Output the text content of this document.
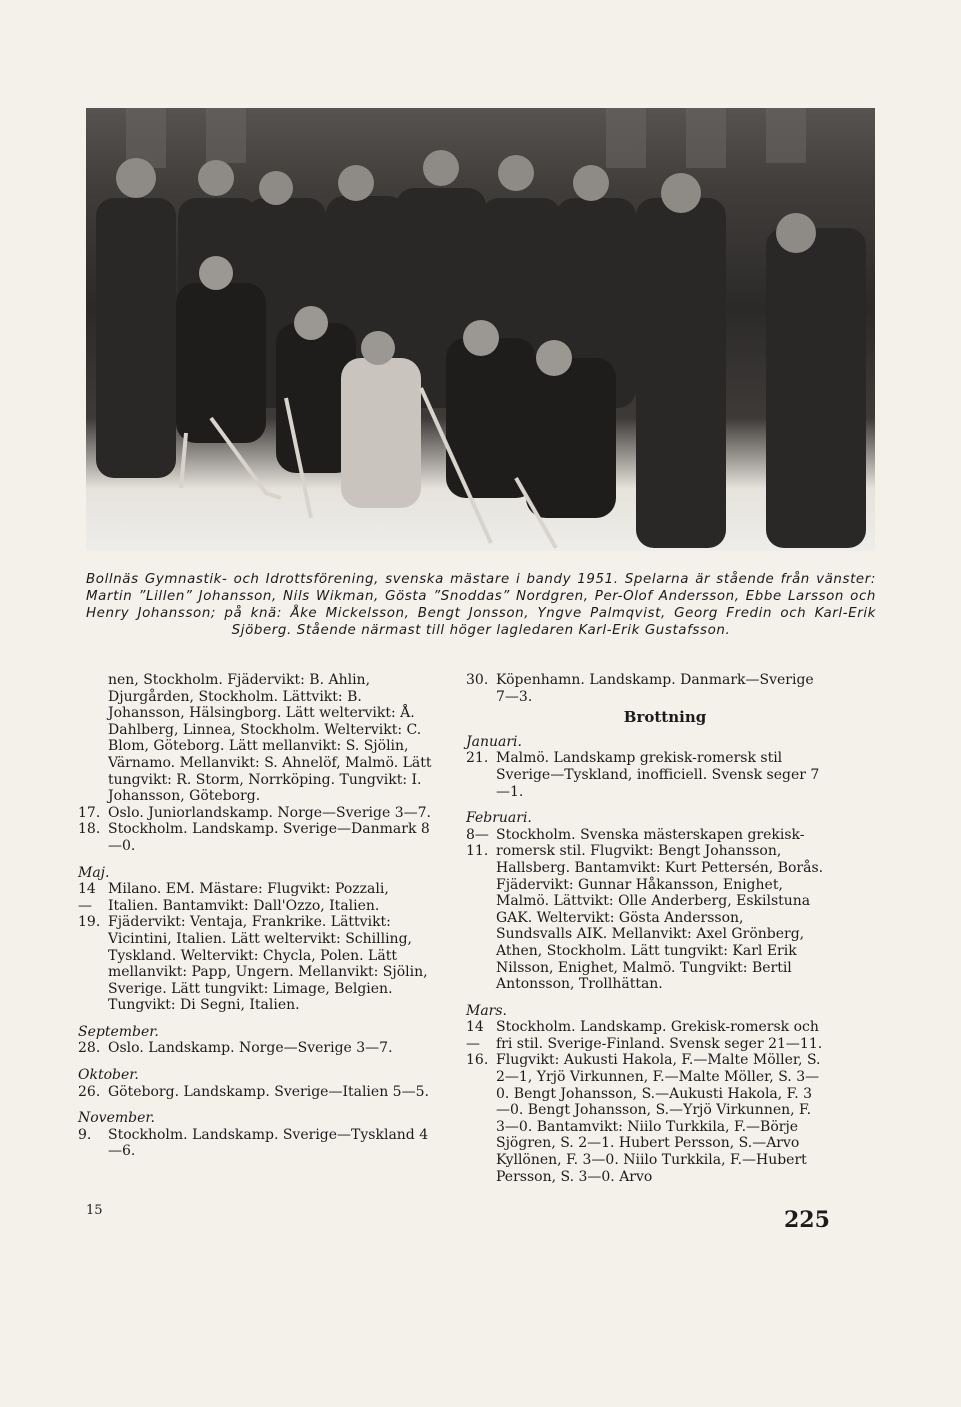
Bollnäs Gymnastik- och Idrottsförening, svenska mästare i bandy 1951. Spelarna är stående från vänster: Martin ”Lillen” Johansson, Nils Wikman, Gösta ”Snoddas” Nordgren, Per-Olof Andersson, Ebbe Larsson och Henry Johansson; på knä: Åke Mickelsson, Bengt Jonsson, Yngve Palmqvist, Georg Fredin och Karl-Erik Sjöberg. Stående närmast till höger lagledaren Karl-Erik Gustafsson.
nen, Stockholm. Fjädervikt: B. Ahlin, Djurgården, Stockholm. Lättvikt: B. Johansson, Hälsingborg. Lätt weltervikt: Å. Dahlberg, Linnea, Stockholm. Weltervikt: C. Blom, Göteborg. Lätt mellanvikt: S. Sjölin, Värnamo. Mellanvikt: S. Ahnelöf, Malmö. Lätt tungvikt: R. Storm, Norrköping. Tungvikt: I. Johansson, Göteborg.
17. Oslo. Juniorlandskamp. Norge—Sverige 3—7.
18. Stockholm. Landskamp. Sverige—Danmark 8—0.
Maj.
14—19.
Milano. EM. Mästare: Flugvikt: Pozzali, Italien. Bantamvikt: Dall'Ozzo, Italien. Fjädervikt: Ventaja, Frankrike. Lättvikt: Vicintini, Italien. Lätt weltervikt: Schilling, Tyskland. Weltervikt: Chycla, Polen. Lätt mellanvikt: Papp, Ungern. Mellanvikt: Sjölin, Sverige. Lätt tungvikt: Limage, Belgien. Tungvikt: Di Segni, Italien.
September.
28. Oslo. Landskamp. Norge—Sverige 3—7.
Oktober.
26. Göteborg. Landskamp. Sverige—Italien 5—5.
November.
9.	Stockholm. Landskamp. Sverige—Tyskland 4—6.
30. Köpenhamn. Landskamp. Danmark—Sverige 7—3.
Brottning
Januari.
21. Malmö. Landskamp grekisk-romersk stil Sverige—Tyskland, inofficiell. Svensk seger 7—1.
Februari.
8—11.
Stockholm. Svenska mästerskapen grekisk-romersk stil. Flugvikt: Bengt Johansson, Hallsberg. Bantamvikt: Kurt Pettersén, Borås. Fjädervikt: Gunnar Håkansson, Enighet, Malmö. Lättvikt: Olle Anderberg, Eskilstuna GAK. Weltervikt: Gösta Andersson, Sundsvalls AIK. Mellanvikt: Axel Grönberg, Athen, Stockholm. Lätt tungvikt: Karl Erik Nilsson, Enighet, Malmö. Tungvikt: Bertil Antonsson, Trollhättan.
Mars.
14—16.
Stockholm. Landskamp. Grekisk-romersk och fri stil. Sverige-Finland. Svensk seger 21—11. Flugvikt: Aukusti Hakola, F.—Malte Möller, S. 2—1, Yrjö Virkunnen, F.—Malte Möller, S. 3—0. Bengt Johansson, S.—Aukusti Hakola, F. 3—0. Bengt Johansson, S.—Yrjö Virkunnen, F. 3—0. Bantamvikt: Niilo Turkkila, F.—Börje Sjögren, S. 2—1. Hubert Persson, S.—Arvo Kyllönen, F. 3—0. Niilo Turkkila, F.—Hubert Persson, S. 3—0. Arvo
15	225
